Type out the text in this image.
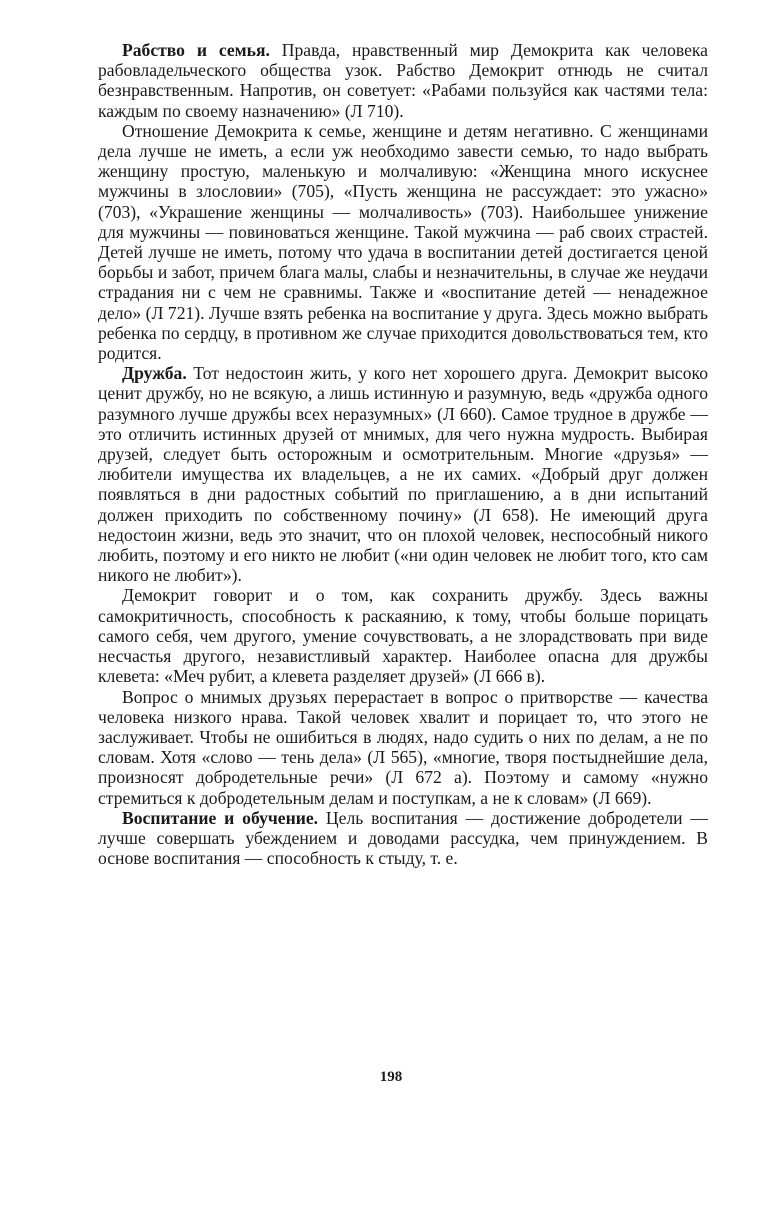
Рабство и семья. Правда, нравственный мир Демокрита как человека рабовладельческого общества узок. Рабство Демокрит отнюдь не считал безнравственным. Напротив, он советует: «Рабами пользуйся как частями тела: каждым по своему назначению» (Л 710).

Отношение Демокрита к семье, женщине и детям негативно. С женщинами дела лучше не иметь, а если уж необходимо завести семью, то надо выбрать женщину простую, маленькую и молчаливую: «Женщина много искуснее мужчины в злословии» (705), «Пусть женщина не рассуждает: это ужасно» (703), «Украшение женщины — молчаливость» (703). Наибольшее унижение для мужчины — повиноваться женщине. Такой мужчина — раб своих страстей. Детей лучше не иметь, потому что удача в воспитании детей достигается ценой борьбы и забот, причем блага малы, слабы и незначительны, в случае же неудачи страдания ни с чем не сравнимы. Также и «воспитание детей — ненадежное дело» (Л 721). Лучше взять ребенка на воспитание у друга. Здесь можно выбрать ребенка по сердцу, в противном же случае приходится довольствоваться тем, кто родится.

Дружба. Тот недостоин жить, у кого нет хорошего друга. Демокрит высоко ценит дружбу, но не всякую, а лишь истинную и разумную, ведь «дружба одного разумного лучше дружбы всех неразумных» (Л 660). Самое трудное в дружбе — это отличить истинных друзей от мнимых, для чего нужна мудрость. Выбирая друзей, следует быть осторожным и осмотрительным. Многие «друзья» — любители имущества их владельцев, а не их самих. «Добрый друг должен появляться в дни радостных событий по приглашению, а в дни испытаний должен приходить по собственному почину» (Л 658). Не имеющий друга недостоин жизни, ведь это значит, что он плохой человек, неспособный никого любить, поэтому и его никто не любит («ни один человек не любит того, кто сам никого не любит»).

Демокрит говорит и о том, как сохранить дружбу. Здесь важны самокритичность, способность к раскаянию, к тому, чтобы больше порицать самого себя, чем другого, умение сочувствовать, а не злорадствовать при виде несчастья другого, независтливый характер. Наиболее опасна для дружбы клевета: «Меч рубит, а клевета разделяет друзей» (Л 666 в).

Вопрос о мнимых друзьях перерастает в вопрос о притворстве — качества человека низкого нрава. Такой человек хвалит и порицает то, что этого не заслуживает. Чтобы не ошибиться в людях, надо судить о них по делам, а не по словам. Хотя «слово — тень дела» (Л 565), «многие, творя постыднейшие дела, произносят добродетельные речи» (Л 672 а). Поэтому и самому «нужно стремиться к добродетельным делам и поступкам, а не к словам» (Л 669).

Воспитание и обучение. Цель воспитания — достижение добродетели — лучше совершать убеждением и доводами рассудка, чем принуждением. В основе воспитания — способность к стыду, т. е.

198
